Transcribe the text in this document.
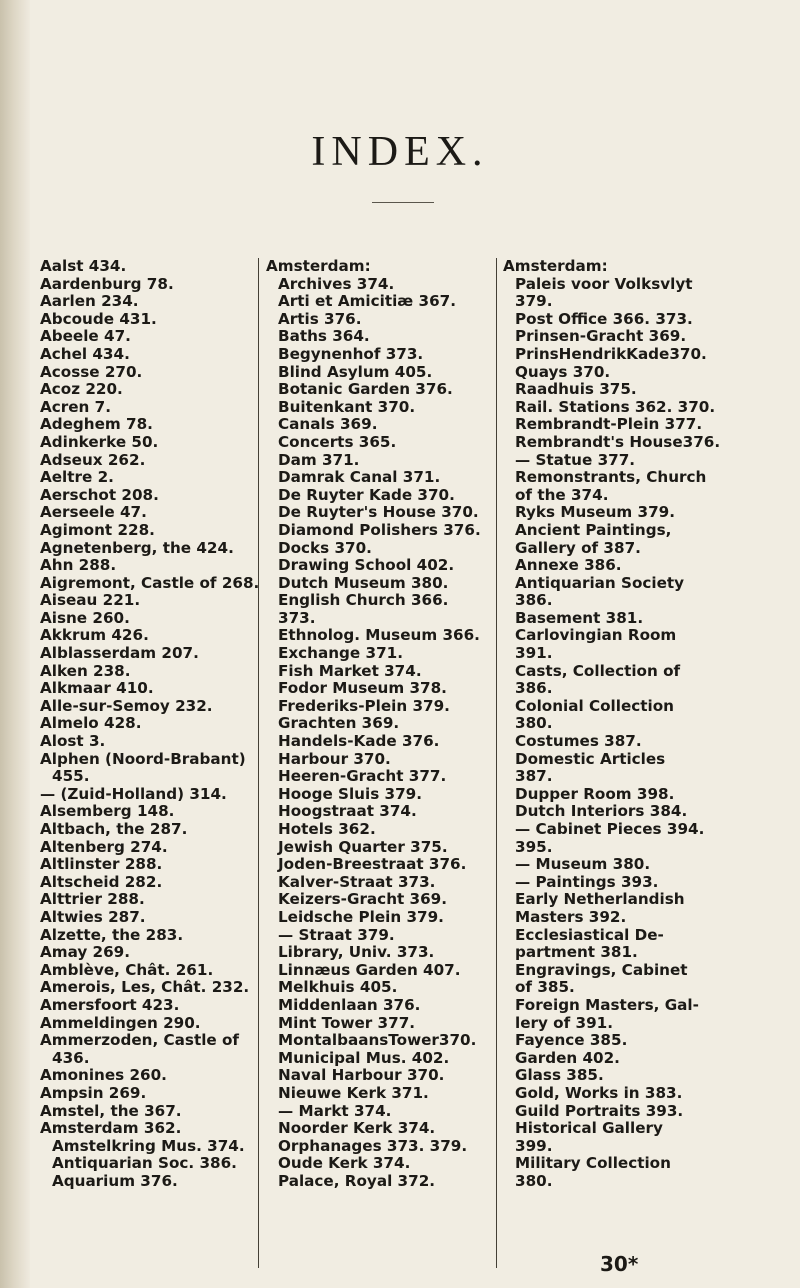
INDEX.
Aalst 434.
Aardenburg 78.
Aarlen 234.
Abcoude 431.
Abeele 47.
Achel 434.
Acosse 270.
Acoz 220.
Acren 7.
Adeghem 78.
Adinkerke 50.
Adseux 262.
Aeltre 2.
Aerschot 208.
Aerseele 47.
Agimont 228.
Agnetenberg, the 424.
Ahn 288.
Aigremont, Castle of 268.
Aiseau 221.
Aisne 260.
Akkrum 426.
Alblasserdam 207.
Alken 238.
Alkmaar 410.
Alle-sur-Semoy 232.
Almelo 428.
Alost 3.
Alphen (Noord-Brabant)
455.
— (Zuid-Holland) 314.
Alsemberg 148.
Altbach, the 287.
Altenberg 274.
Altlinster 288.
Altscheid 282.
Alttrier 288.
Altwies 287.
Alzette, the 283.
Amay 269.
Amblève, Chât. 261.
Amerois, Les, Chât. 232.
Amersfoort 423.
Ammeldingen 290.
Ammerzoden, Castle of
436.
Amonines 260.
Ampsin 269.
Amstel, the 367.
Amsterdam 362.
Amstelkring Mus. 374.
Antiquarian Soc. 386.
Aquarium 376.
Amsterdam:
Archives 374.
Arti et Amicitiæ 367.
Artis 376.
Baths 364.
Begynenhof 373.
Blind Asylum 405.
Botanic Garden 376.
Buitenkant 370.
Canals 369.
Concerts 365.
Dam 371.
Damrak Canal 371.
De Ruyter Kade 370.
De Ruyter's House 370.
Diamond Polishers 376.
Docks 370.
Drawing School 402.
Dutch Museum 380.
English Church 366.
373.
Ethnolog. Museum 366.
Exchange 371.
Fish Market 374.
Fodor Museum 378.
Frederiks-Plein 379.
Grachten 369.
Handels-Kade 376.
Harbour 370.
Heeren-Gracht 377.
Hooge Sluis 379.
Hoogstraat 374.
Hotels 362.
Jewish Quarter 375.
Joden-Breestraat 376.
Kalver-Straat 373.
Keizers-Gracht 369.
Leidsche Plein 379.
— Straat 379.
Library, Univ. 373.
Linnæus Garden 407.
Melkhuis 405.
Middenlaan 376.
Mint Tower 377.
MontalbaansTower370.
Municipal Mus. 402.
Naval Harbour 370.
Nieuwe Kerk 371.
— Markt 374.
Noorder Kerk 374.
Orphanages 373. 379.
Oude Kerk 374.
Palace, Royal 372.
Amsterdam:
Paleis voor Volksvlyt
379.
Post Office 366. 373.
Prinsen-Gracht 369.
PrinsHendrikKade370.
Quays 370.
Raadhuis 375.
Rail. Stations 362. 370.
Rembrandt-Plein 377.
Rembrandt's House376.
— Statue 377.
Remonstrants, Church
of the 374.
Ryks Museum 379.
Ancient Paintings,
Gallery of 387.
Annexe 386.
Antiquarian Society
386.
Basement 381.
Carlovingian Room
391.
Casts, Collection of
386.
Colonial Collection
380.
Costumes 387.
Domestic Articles
387.
Dupper Room 398.
Dutch Interiors 384.
— Cabinet Pieces 394.
395.
— Museum 380.
— Paintings 393.
Early Netherlandish
Masters 392.
Ecclesiastical De-
partment 381.
Engravings, Cabinet
of 385.
Foreign Masters, Gal-
lery of 391.
Fayence 385.
Garden 402.
Glass 385.
Gold, Works in 383.
Guild Portraits 393.
Historical Gallery
399.
Military Collection
380.
30*
